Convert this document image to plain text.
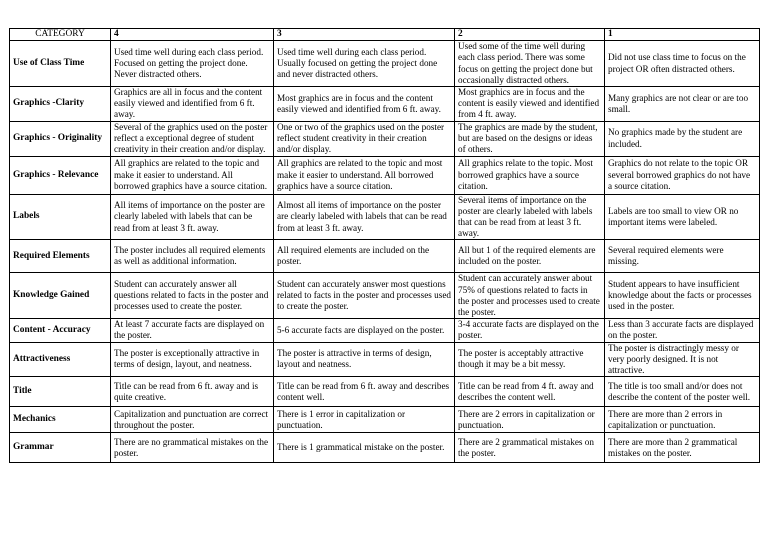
CATEGORY	4	3	2	1
Use of Class Time	Used time well during each class period. Focused on getting the project done. Never distracted others.	Used time well during each class period. Usually focused on getting the project done and never distracted others.	Used some of the time well during each class period. There was some focus on getting the project done but occasionally distracted others.	Did not use class time to focus on the project OR often distracted others.
Graphics -Clarity	Graphics are all in focus and the content easily viewed and identified from 6 ft. away.	Most graphics are in focus and the content easily viewed and identified from 6 ft. away.	Most graphics are in focus and the content is easily viewed and identified from 4 ft. away.	Many graphics are not clear or are too small.
Graphics - Originality	Several of the graphics used on the poster reflect a exceptional degree of student creativity in their creation and/or display.	One or two of the graphics used on the poster reflect student creativity in their creation and/or display.	The graphics are made by the student, but are based on the designs or ideas of others.	No graphics made by the student are included.
Graphics - Relevance	All graphics are related to the topic and make it easier to understand. All borrowed graphics have a source citation.	All graphics are related to the topic and most make it easier to understand. All borrowed graphics have a source citation.	All graphics relate to the topic. Most borrowed graphics have a source citation.	Graphics do not relate to the topic OR several borrowed graphics do not have a source citation.
Labels	All items of importance on the poster are clearly labeled with labels that can be read from at least 3 ft. away.	Almost all items of importance on the poster are clearly labeled with labels that can be read from at least 3 ft. away.	Several items of importance on the poster are clearly labeled with labels that can be read from at least 3 ft. away.	Labels are too small to view OR no important items were labeled.
Required Elements	The poster includes all required elements as well as additional information.	All required elements are included on the poster.	All but 1 of the required elements are included on the poster.	Several required elements were missing.
Knowledge Gained	Student can accurately answer all questions related to facts in the poster and processes used to create the poster.	Student can accurately answer most questions related to facts in the poster and processes used to create the poster.	Student can accurately answer about 75% of questions related to facts in the poster and processes used to create the poster.	Student appears to have insufficient knowledge about the facts or processes used in the poster.
Content - Accuracy	At least 7 accurate facts are displayed on the poster.	5-6 accurate facts are displayed on the poster.	3-4 accurate facts are displayed on the poster.	Less than 3 accurate facts are displayed on the poster.
Attractiveness	The poster is exceptionally attractive in terms of design, layout, and neatness.	The poster is attractive in terms of design, layout and neatness.	The poster is acceptably attractive though it may be a bit messy.	The poster is distractingly messy or very poorly designed. It is not attractive.
Title	Title can be read from 6 ft. away and is quite creative.	Title can be read from 6 ft. away and describes content well.	Title can be read from 4 ft. away and describes the content well.	The title is too small and/or does not describe the content of the poster well.
Mechanics	Capitalization and punctuation are correct throughout the poster.	There is 1 error in capitalization or punctuation.	There are 2 errors in capitalization or punctuation.	There are more than 2 errors in capitalization or punctuation.
Grammar	There are no grammatical mistakes on the poster.	There is 1 grammatical mistake on the poster.	There are 2 grammatical mistakes on the poster.	There are more than 2 grammatical mistakes on the poster.
